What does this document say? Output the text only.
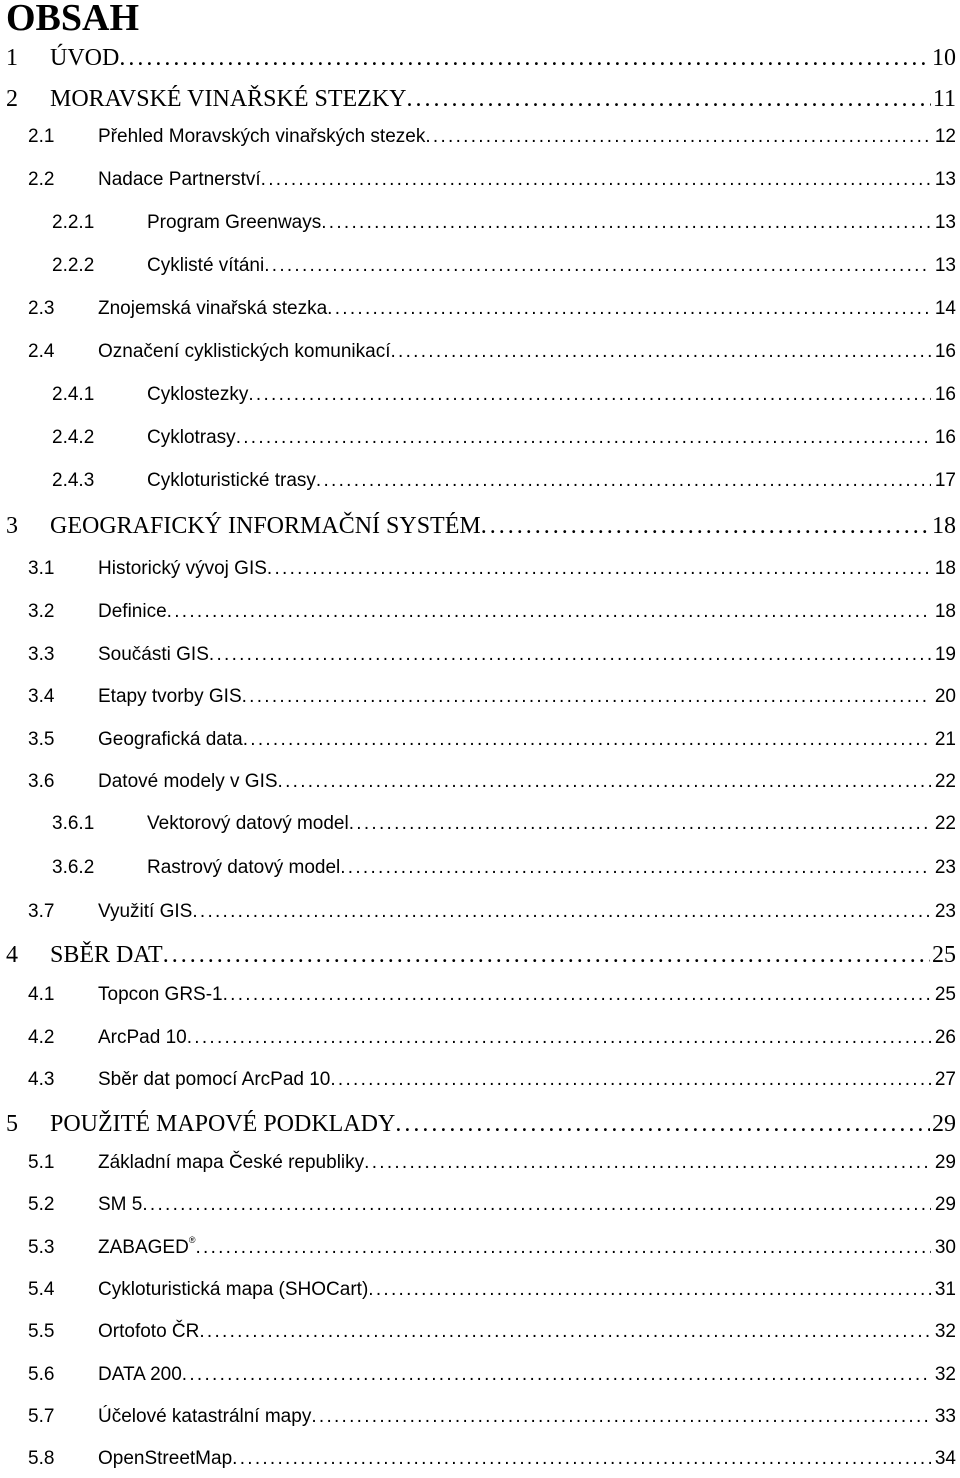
OBSAH
1	ÚVOD . . .	10
2	MORAVSKÉ VINAŘSKÉ STEZKY . . .	11
2.1	Přehled Moravských vinařských stezek . . .	12
2.2	Nadace Partnerství . . .	13
2.2.1	Program Greenways . . .	13
2.2.2	Cyklisté vítáni . . .	13
2.3	Znojemská vinařská stezka . . .	14
2.4	Označení cyklistických komunikací . . .	16
2.4.1	Cyklostezky . . .	16
2.4.2	Cyklotrasy . . .	16
2.4.3	Cykloturistické trasy . . .	17
3	GEOGRAFICKÝ INFORMAČNÍ SYSTÉM . . .	18
3.1	Historický vývoj GIS . . .	18
3.2	Definice . . .	18
3.3	Součásti GIS . . .	19
3.4	Etapy tvorby GIS . . .	20
3.5	Geografická data . . .	21
3.6	Datové modely v GIS . . .	22
3.6.1	Vektorový datový model . . .	22
3.6.2	Rastrový datový model . . .	23
3.7	Využití GIS . . .	23
4	SBĚR DAT . . .	25
4.1	Topcon GRS-1 . . .	25
4.2	ArcPad 10 . . .	26
4.3	Sběr dat pomocí ArcPad 10 . . .	27
5	POUŽITÉ MAPOVÉ PODKLADY . . .	29
5.1	Základní mapa České republiky . . .	29
5.2	SM 5 . . .	29
5.3	ZABAGED® . . .	30
5.4	Cykloturistická mapa (SHOCart) . . .	31
5.5	Ortofoto ČR . . .	32
5.6	DATA 200 . . .	32
5.7	Účelové katastrální mapy . . .	33
5.8	OpenStreetMap . . .	34
